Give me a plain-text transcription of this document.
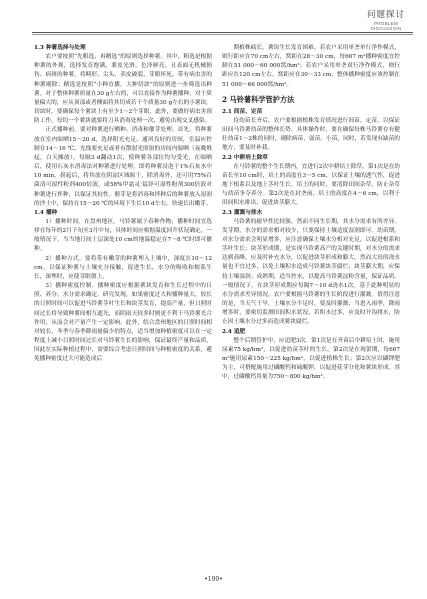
问题探讨
PROBLEM DISCUSSION

1.3 种薯选择与处理

农户要按照“先粗选，再精选”的原则选择种薯。其中，粗选是根据种薯的外观，选择发育饱满、薯皮光滑、色泽鲜亮，且表面无机械损伤、病斑的种薯，将畸形、尖头、表皮破裂、芽眼坏死、带有病虫害的种薯剔除；精选是按照“小种直播，大种切块”的原则进一步筛选出种薯。对于整体种薯质量在30 g左右的，可以直接作为种薯播种。对于质量偏大的，应从顶部或者侧面将其切成若干个质量30 g左右的小薯块。切块时，要确保每个薯块上有至少1～2个芽眼，此外，要做好病虫害预防工作，每切一个薯块就要将刀具消毒处理一次，避免出现交叉感染。

正式播种前，要对种薯进行晒种、消毒和催芽处理。首先，将种薯放在室内晾晒15～20 d，选择阳光充足、通风良好的房间，室温应控制在14～16 ℃，光线要充足或者有散射光照射的房间内晾晒（夜晚堆起，白天摊放），每隔3 d翻动1次，使种薯各部位均匀受光，在晾晒后，使用石灰水消毒法对种薯进行处理，即将种薯浸泡于1%石灰水中10 min，捞起后，将其放在阴凉区域晾干，除消毒外，还可用75%百菌清可湿性粉剂400倍液，或58%甲霜灵·锰锌可湿性粉剂300倍液对种薯进行拌种，以保证其抗性。催芽是将消毒和拌种后的种薯放入湿润的沙土中，保持在15～20 ℃的环境下生长10 d左右，快速长出嫩芽。

1.4 播种

1）播种时间。在盘州地区，马铃薯属于春种作物，播种时间宜选择在每年的2月下旬至3月中旬，具体时间应根据温度回升状况确定，一般情况下，当当地日间土层深处10 cm的地温稳定在7～8 ℃时即可播种。

2）播种方式。要将带有嫩芽的种薯埋入土壤中，深度在10～12 cm，以保证种薯与土壤充分接触，促进生长，水分的吸收和根系生长，深埋时，应使芽眼朝上。

3）播种密度控制。播种密度应根据薯块发育和生长过程中的日照、养分、水分需求确定。研究发现，如果密度过大和播种量大，较长的日照时间可以促进马铃薯茎叶生长和块茎发育，提高产量，但日照时间过长将导致种薯间相互遮光，而阴雨天较多时则更不利于马铃薯光合作用，从而会对产量产生一定影响。此外，结合盘州地区的日照时间相对较长，冬季与春季降雨量偏少的特点，适当增加种植密度可以在一定程度上减小日照时间过长对马铃薯生长的影响，保证最终产量和品质，因此在实际种植过程中，需要综合考虑日照时间与种植密度的关系，避免播种密度过大可能造成后

期植株疯长，薯块生长发育困难。若农户采用单垄单行净作模式，则行距应在70 cm左右，窝距在28～30 cm，每667 m²播种密度宜控制在51 000～60 000窝/hm²；若农户采用单垄双行净作模式，则行距应在120 cm左右，窝距应在30～33 cm，整体播种密度应该控制在51 000～66 000窝/hm²。

2 马铃薯科学管护方法

2.1 间苗、定苗

待幼苗长齐后，农户要根据植株发育情况进行间苗、定苗，以保证田间马铃薯幼苗的整体长势。具体操作时，要在确保每株马铃薯存有健壮幼苗1～2株的同时，剔除病苗、弱苗、小苗，同时，若发现有缺苗的地方，要及时补栽。

2.2 中耕培土除草

在马铃薯的整个生长期内，宜进行2次中耕培土除草。第1次是在幼苗长至10 cm时，培土的高度在3～5 cm，以保证土壤的透气性，促进地下根系以及地上茎叶生长。培土的同时，要清除田间杂草，防止杂草与幼苗争夺养分。第2次是在封垄前，培土的高度在4～6 cm，以利于田间积水排出、促进块茎膨大。

2.3 灌溉与排水

马铃薯的耐旱性比较强，然而不同生长期，其水分需求有所差异。发芽期，水分的需求相对较少，只要保持土壤适度湿润即可。幼苗期，对水分需求会明显增多，应注意确保土壤水分相对充足，以促进根系和茎叶生长；块茎形成期，是实现马铃薯高产的关键时期，对水分的需求达到高峰，应及时补充水分，以促进块茎形成和膨大，然而大田的浇水量也不宜过多，以免土壤积水造成马铃薯块茎腐烂；块茎膨大期，应保持土壤湿润；成熟期，适当控水，以提高马铃薯淀粉含量，保证品质。一般情况下，在块茎形成期应每隔7～10 d浇水1次。基于此种明显的水分需求差异情况，农户要根据马铃薯的生长阶段进行灌溉。值得注意的是，当天气干旱，土壤水分不足时，要及时灌溉；当进入雨季，降雨增多时，要密切监测田间积水状况，若积水过多，应及时开沟排水，防止因土壤水分过多而造成薯块腐烂。

2.4 追肥

整个后期管护中，应追肥3次。第1次是在齐苗后中耕培土时，施用尿素75 kg/hm²，以促进幼苗茎叶的生长。第2次是在现蕾期，每667 m²施用尿素150～225 kg/hm²，以促进植株生长；第2次应以磷钾肥为主，可搭配施用过磷酸钙和硫酸钾，以促进花芽分化和薯块形成。其中，过磷酸钙用量为750～800 kg/hm²。

•199•
